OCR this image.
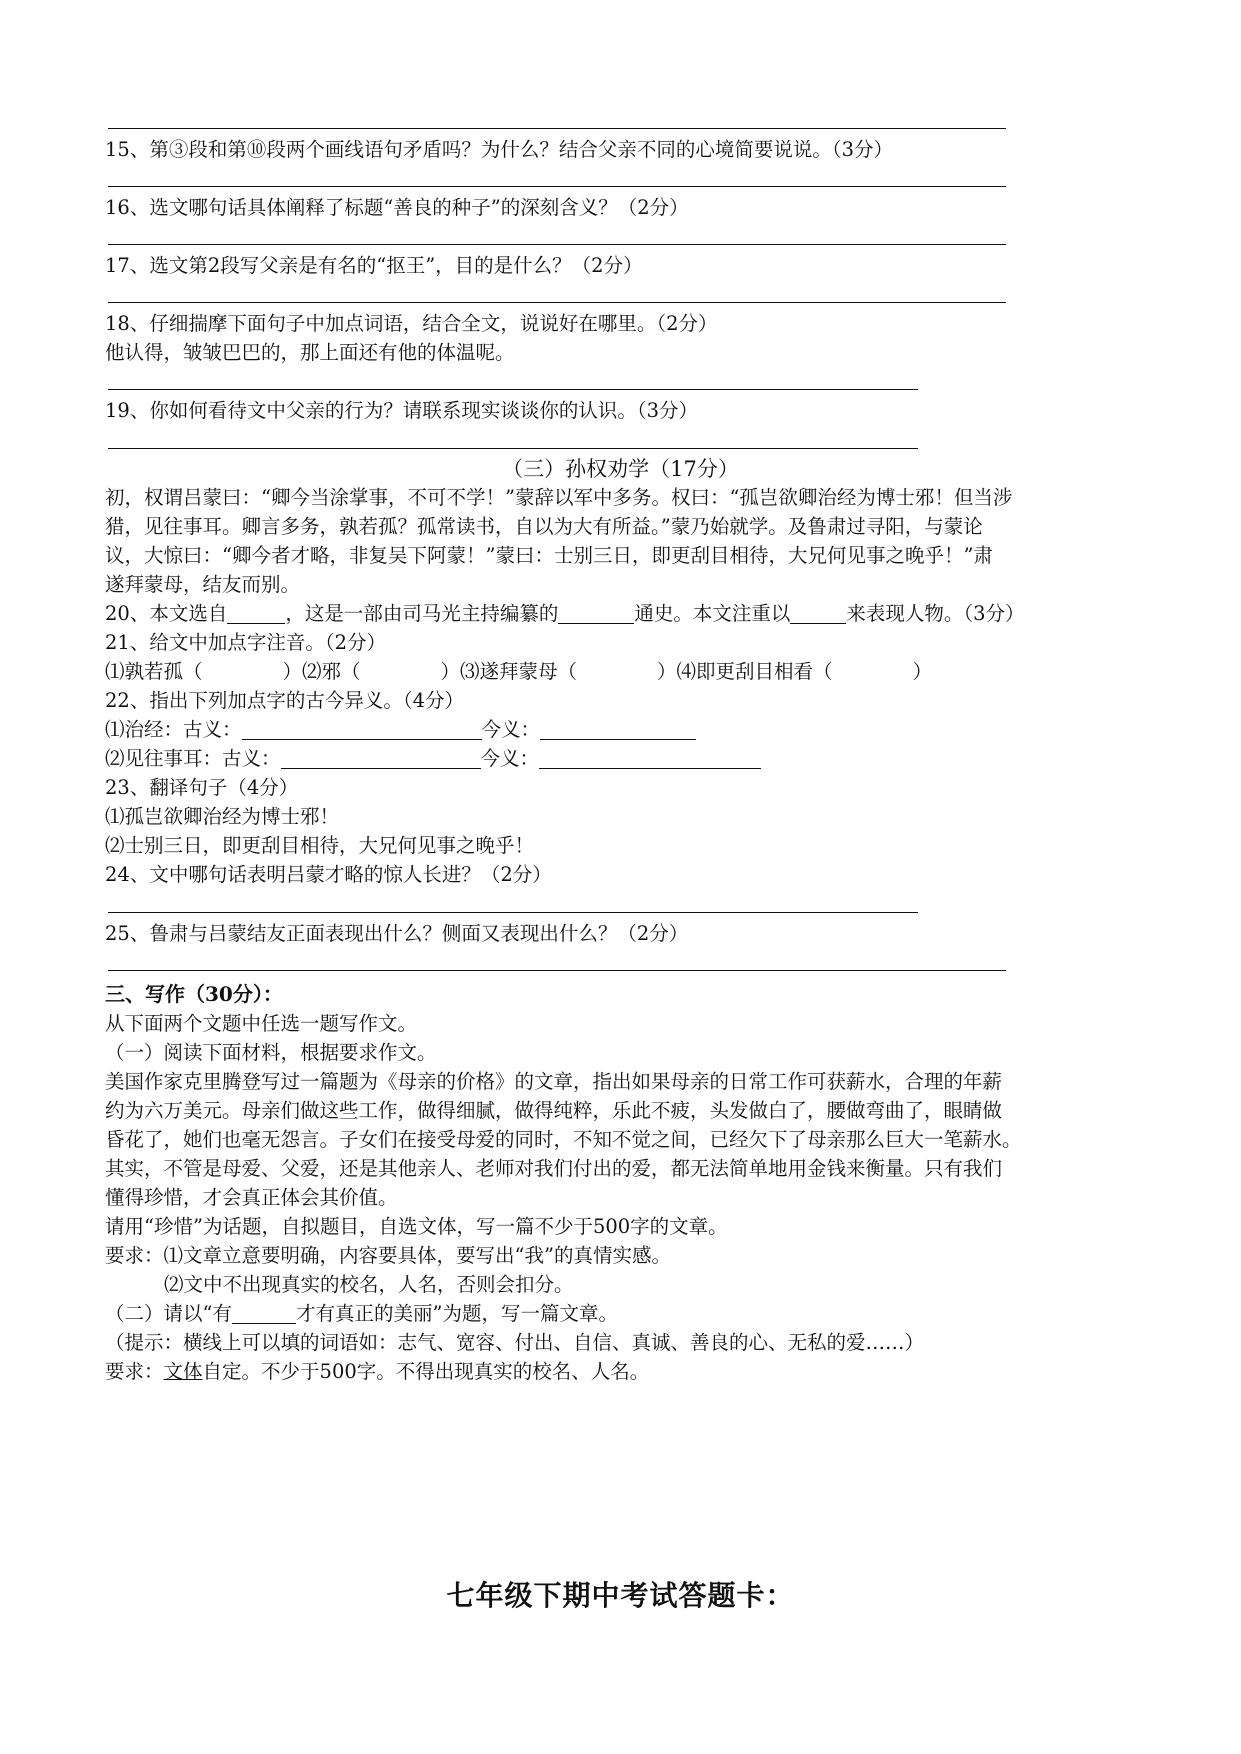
15、第③段和第⑩段两个画线语句矛盾吗？为什么？结合父亲不同的心境简要说说。（3分）
16、选文哪句话具体阐释了标题“善良的种子”的深刻含义？（2分）
17、选文第2段写父亲是有名的“抠王”，目的是什么？（2分）
18、仔细揣摩下面句子中加点词语，结合全文，说说好在哪里。（2分）
他认得，皱皱巴巴的，那上面还有他的体温呢。
19、你如何看待文中父亲的行为？请联系现实谈谈你的认识。（3分）
（三）孙权劝学（17分）
初，权谓吕蒙曰：“卿今当涂掌事，不可不学！”蒙辞以军中多务。权曰：“孤岂欲卿治经为博士邪！但当涉
猎，见往事耳。卿言多务，孰若孤？孤常读书，自以为大有所益。”蒙乃始就学。及鲁肃过寻阳，与蒙论
议，大惊曰：“卿今者才略，非复吴下阿蒙！”蒙曰：士别三日，即更刮目相待，大兄何见事之晚乎！”肃
遂拜蒙母，结友而别。
20、本文选自	，这是一部由司马光主持编纂的	通史。本文注重以	来表现人物。（3分）
21、给文中加点字注音。（2分）
⑴孰若孤（	）⑵邪（	）⑶遂拜蒙母（	）⑷即更刮目相看（	）
22、指出下列加点字的古今异义。（4分）
⑴治经：古义：	今义：
⑵见往事耳：古义：	今义：
23、翻译句子（4分）
⑴孤岂欲卿治经为博士邪！
⑵士别三日，即更刮目相待，大兄何见事之晚乎！
24、文中哪句话表明吕蒙才略的惊人长进？（2分）
25、鲁肃与吕蒙结友正面表现出什么？侧面又表现出什么？（2分）
三、写作（30分）：
从下面两个文题中任选一题写作文。
（一）阅读下面材料，根据要求作文。
美国作家克里腾登写过一篇题为《母亲的价格》的文章，指出如果母亲的日常工作可获薪水，合理的年薪
约为六万美元。母亲们做这些工作，做得细腻，做得纯粹，乐此不疲，头发做白了，腰做弯曲了，眼睛做
昏花了，她们也毫无怨言。子女们在接受母爱的同时，不知不觉之间，已经欠下了母亲那么巨大一笔薪水。
其实，不管是母爱、父爱，还是其他亲人、老师对我们付出的爱，都无法简单地用金钱来衡量。只有我们
懂得珍惜，才会真正体会其价值。
请用“珍惜”为话题，自拟题目，自选文体，写一篇不少于500字的文章。
要求：⑴文章立意要明确，内容要具体，要写出“我”的真情实感。
⑵文中不出现真实的校名，人名，否则会扣分。
（二）请以“有	才有真正的美丽”为题，写一篇文章。
（提示：横线上可以填的词语如：志气、宽容、付出、自信、真诚、善良的心、无私的爱……）
要求：文体自定。不少于500字。不得出现真实的校名、人名。
七年级下期中考试答题卡：
